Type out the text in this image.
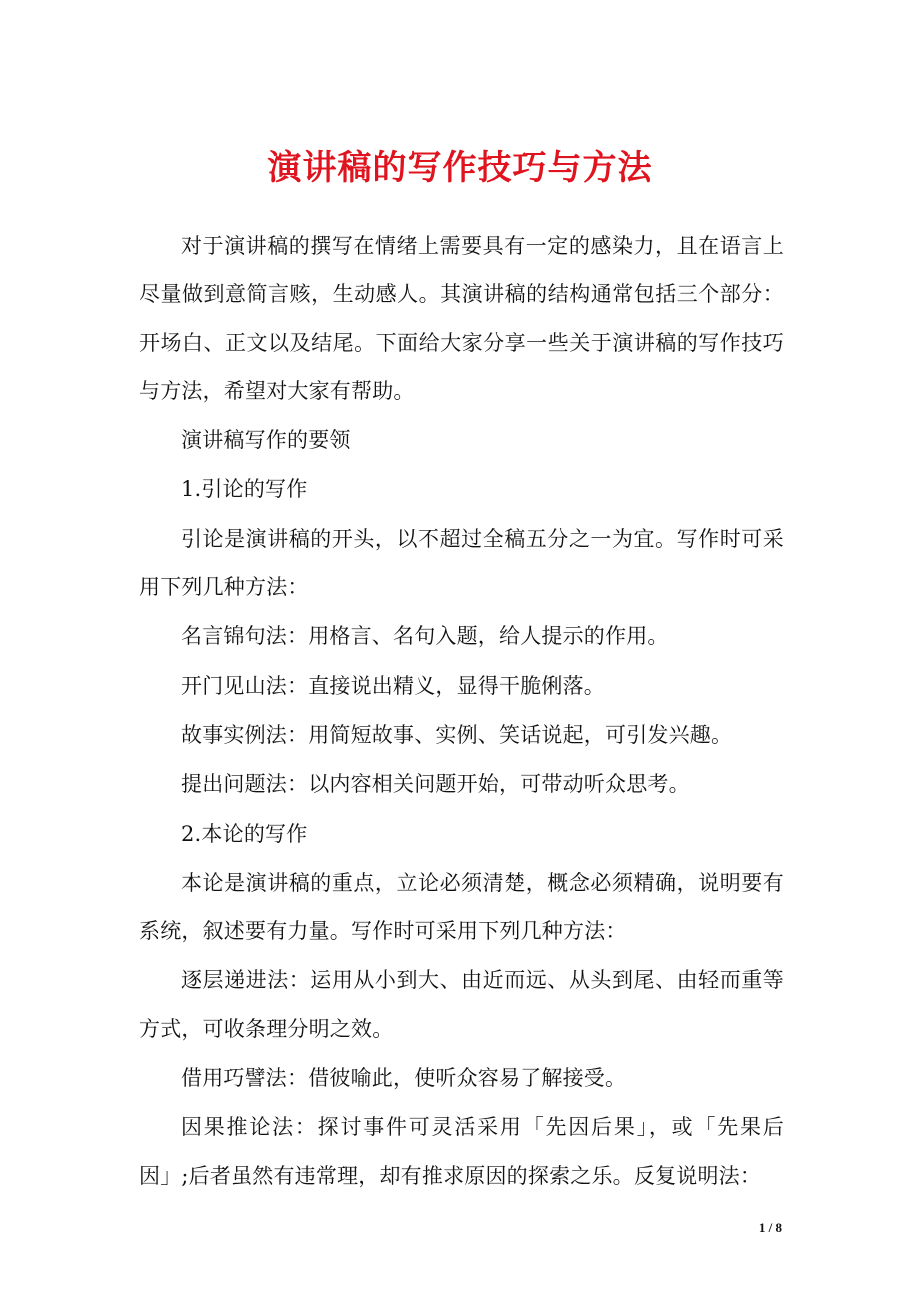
演讲稿的写作技巧与方法

对于演讲稿的撰写在情绪上需要具有一定的感染力，且在语言上尽量做到意简言赅，生动感人。其演讲稿的结构通常包括三个部分：开场白、正文以及结尾。下面给大家分享一些关于演讲稿的写作技巧与方法，希望对大家有帮助。

演讲稿写作的要领

1.引论的写作

引论是演讲稿的开头，以不超过全稿五分之一为宜。写作时可采用下列几种方法：

名言锦句法：用格言、名句入题，给人提示的作用。

开门见山法：直接说出精义，显得干脆俐落。

故事实例法：用简短故事、实例、笑话说起，可引发兴趣。

提出问题法：以内容相关问题开始，可带动听众思考。

2.本论的写作

本论是演讲稿的重点，立论必须清楚，概念必须精确，说明要有系统，叙述要有力量。写作时可采用下列几种方法：

逐层递进法：运用从小到大、由近而远、从头到尾、由轻而重等方式，可收条理分明之效。

借用巧譬法：借彼喻此，使听众容易了解接受。

因果推论法：探讨事件可灵活采用「先因后果」，或「先果后因」;后者虽然有违常理，却有推求原因的探索之乐。反复说明法：

1 / 8
